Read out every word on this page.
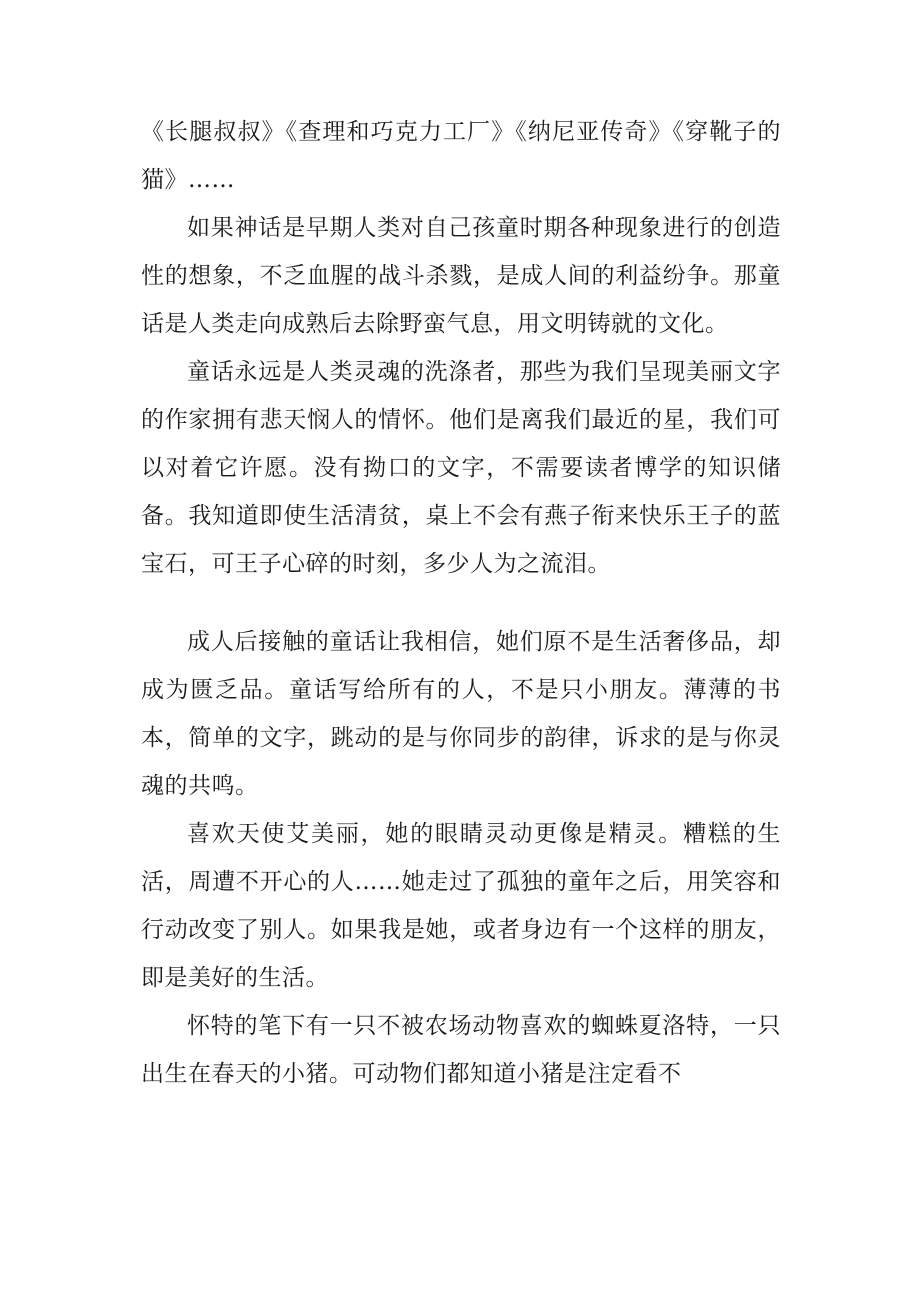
《长腿叔叔》《查理和巧克力工厂》《纳尼亚传奇》《穿靴子的猫》……

如果神话是早期人类对自己孩童时期各种现象进行的创造性的想象，不乏血腥的战斗杀戮，是成人间的利益纷争。那童话是人类走向成熟后去除野蛮气息，用文明铸就的文化。

童话永远是人类灵魂的洗涤者，那些为我们呈现美丽文字的作家拥有悲天悯人的情怀。他们是离我们最近的星，我们可以对着它许愿。没有拗口的文字，不需要读者博学的知识储备。我知道即使生活清贫，桌上不会有燕子衔来快乐王子的蓝宝石，可王子心碎的时刻，多少人为之流泪。

成人后接触的童话让我相信，她们原不是生活奢侈品，却成为匮乏品。童话写给所有的人，不是只小朋友。薄薄的书本，简单的文字，跳动的是与你同步的韵律，诉求的是与你灵魂的共鸣。

喜欢天使艾美丽，她的眼睛灵动更像是精灵。糟糕的生活，周遭不开心的人……她走过了孤独的童年之后，用笑容和行动改变了别人。如果我是她，或者身边有一个这样的朋友，即是美好的生活。

怀特的笔下有一只不被农场动物喜欢的蜘蛛夏洛特，一只出生在春天的小猪。可动物们都知道小猪是注定看不
